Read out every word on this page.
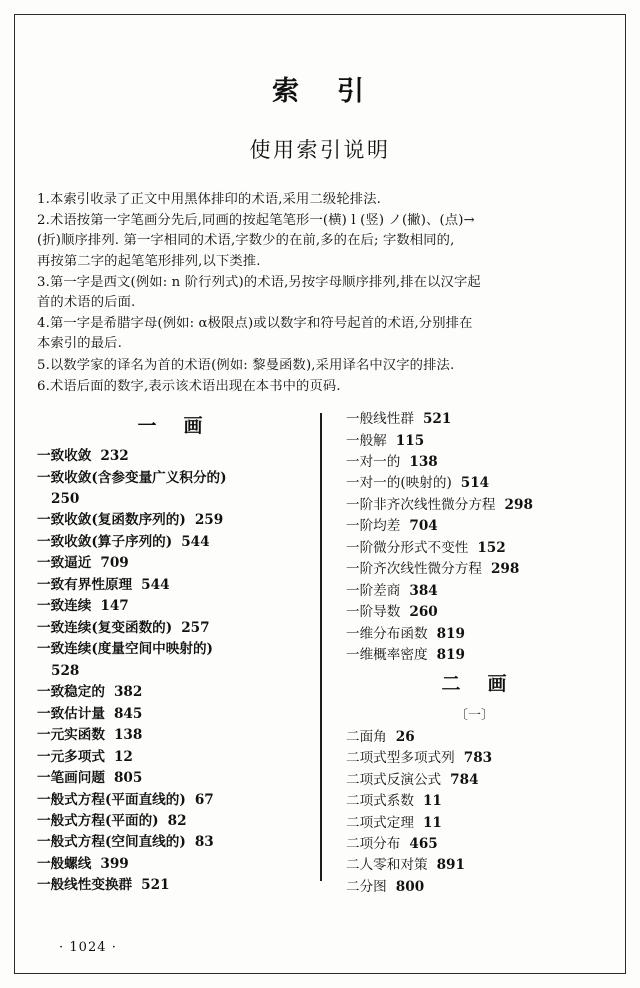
索 引
使用索引说明
1.本索引收录了正文中用黑体排印的术语,采用二级轮排法.
2.术语按第一字笔画分先后,同画的按起笔笔形一(横) l (竖) ノ(撇)、(点)→
(折)顺序排列. 第一字相同的术语,字数少的在前,多的在后; 字数相同的,
再按第二字的起笔笔形排列,以下类推.
3.第一字是西文(例如: n 阶行列式)的术语,另按字母顺序排列,排在以汉字起
首的术语的后面.
4.第一字是希腊字母(例如: α极限点)或以数字和符号起首的术语,分别排在
本索引的最后.
5.以数学家的译名为首的术语(例如: 黎曼函数),采用译名中汉字的排法.
6.术语后面的数字,表示该术语出现在本书中的页码.
一 画
一致收敛 232
一致收敛(含参变量广义积分的)
250
一致收敛(复函数序列的) 259
一致收敛(算子序列的) 544
一致逼近 709
一致有界性原理 544
一致连续 147
一致连续(复变函数的) 257
一致连续(度量空间中映射的)
528
一致稳定的 382
一致估计量 845
一元实函数 138
一元多项式 12
一笔画问题 805
一般式方程(平面直线的) 67
一般式方程(平面的) 82
一般式方程(空间直线的) 83
一般螺线 399
一般线性变换群 521
一般线性群 521
一般解 115
一对一的 138
一对一的(映射的) 514
一阶非齐次线性微分方程 298
一阶均差 704
一阶微分形式不变性 152
一阶齐次线性微分方程 298
一阶差商 384
一阶导数 260
一维分布函数 819
一维概率密度 819
二 画
〔一〕
二面角 26
二项式型多项式列 783
二项式反演公式 784
二项式系数 11
二项式定理 11
二项分布 465
二人零和对策 891
二分图 800
· 1024 ·
